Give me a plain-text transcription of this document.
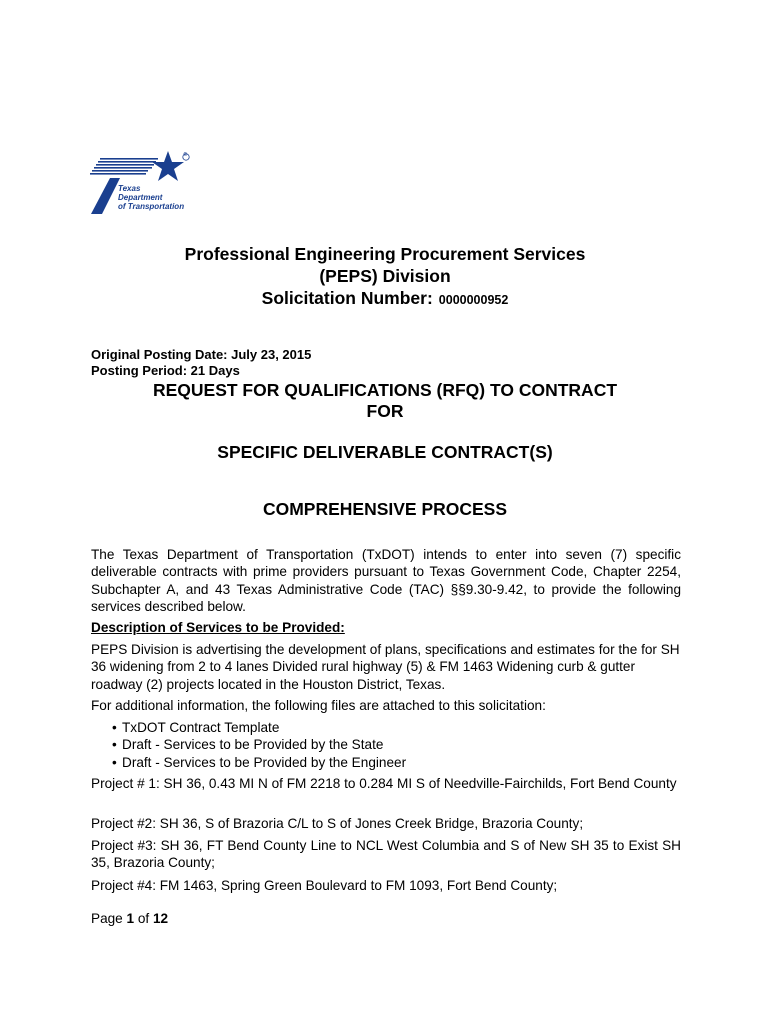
®
Texas
Department
of Transportation
Professional Engineering Procurement Services
(PEPS) Division
Solicitation Number: 0000000952
Original Posting Date: July 23, 2015
Posting Period: 21 Days
REQUEST FOR QUALIFICATIONS (RFQ) TO CONTRACT
FOR
SPECIFIC DELIVERABLE CONTRACT(S)
COMPREHENSIVE PROCESS
The Texas Department of Transportation (TxDOT) intends to enter into seven (7) specific deliverable contracts with prime providers pursuant to Texas Government Code, Chapter 2254, Subchapter A, and 43 Texas Administrative Code (TAC) §§9.30-9.42, to provide the following services described below.
Description of Services to be Provided:
PEPS Division is advertising the development of plans, specifications and estimates for the for SH 36 widening from 2 to 4 lanes Divided rural highway (5) & FM 1463 Widening curb & gutter roadway (2) projects located in the Houston District, Texas.
For additional information, the following files are attached to this solicitation:
• TxDOT Contract Template
• Draft - Services to be Provided by the State
• Draft - Services to be Provided by the Engineer
Project # 1: SH 36, 0.43 MI N of FM 2218 to 0.284 MI S of Needville-Fairchilds, Fort Bend County
Project #2: SH 36, S of Brazoria C/L to S of Jones Creek Bridge, Brazoria County;
Project #3: SH 36, FT Bend County Line to NCL West Columbia and S of New SH 35 to Exist SH 35, Brazoria County;
Project #4: FM 1463, Spring Green Boulevard to FM 1093, Fort Bend County;
Page 1 of 12
